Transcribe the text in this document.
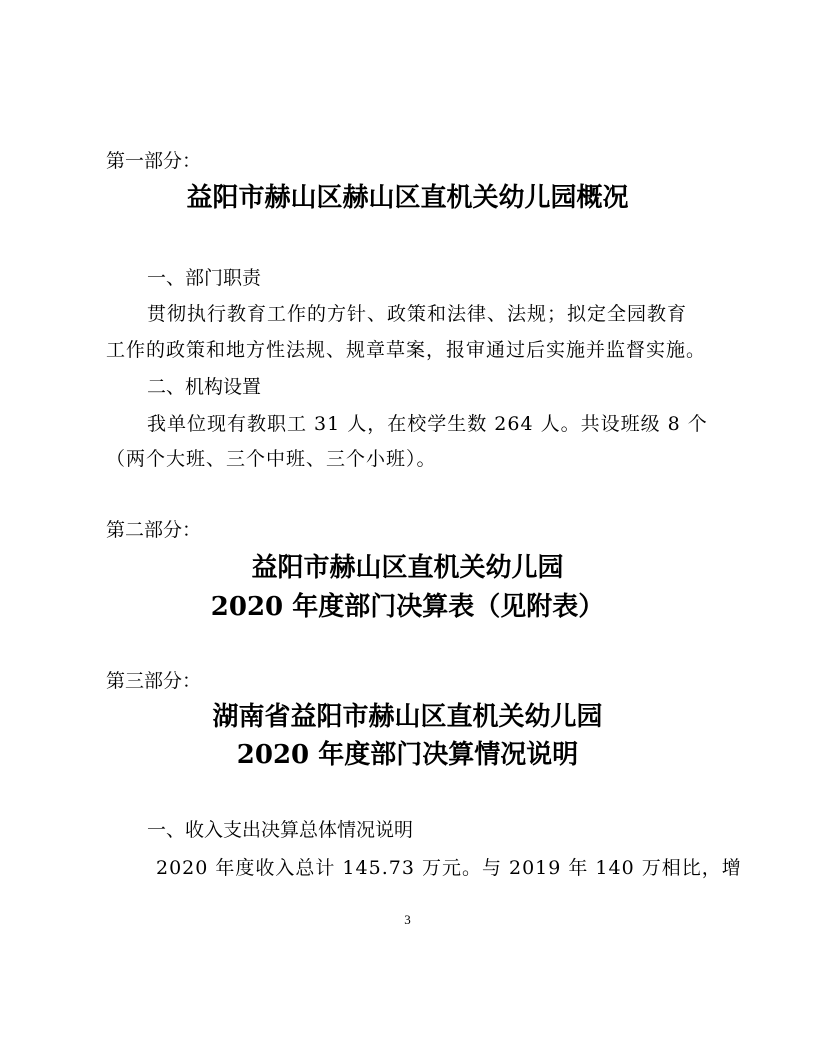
第一部分：
益阳市赫山区赫山区直机关幼儿园概况
一、部门职责
贯彻执行教育工作的方针、政策和法律、法规；拟定全园教育
工作的政策和地方性法规、规章草案，报审通过后实施并监督实施。
二、机构设置
我单位现有教职工 31 人，在校学生数 264 人。共设班级 8 个
（两个大班、三个中班、三个小班）。
第二部分：
益阳市赫山区直机关幼儿园
2020 年度部门决算表（见附表）
第三部分：
湖南省益阳市赫山区直机关幼儿园
2020 年度部门决算情况说明
一、收入支出决算总体情况说明
2020 年度收入总计 145.73 万元。与 2019 年 140 万相比，增
3
